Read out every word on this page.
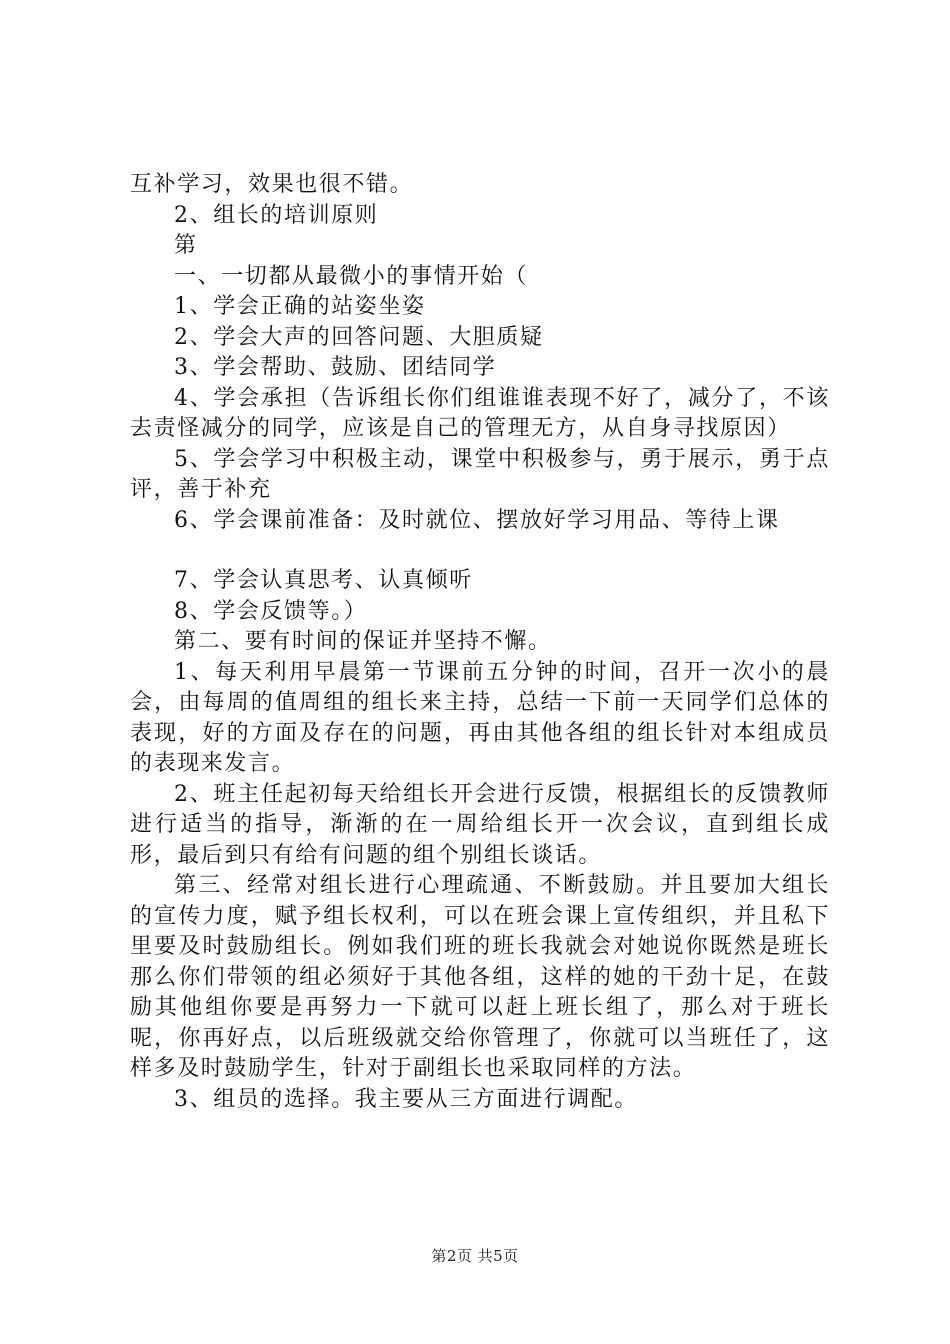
互补学习，效果也很不错。

2、组长的培训原则

第

一、一切都从最微小的事情开始（

1、学会正确的站姿坐姿

2、学会大声的回答问题、大胆质疑

3、学会帮助、鼓励、团结同学

4、学会承担（告诉组长你们组谁谁表现不好了，减分了，不该去责怪减分的同学，应该是自己的管理无方，从自身寻找原因）

5、学会学习中积极主动，课堂中积极参与，勇于展示，勇于点评，善于补充

6、学会课前准备：及时就位、摆放好学习用品、等待上课

7、学会认真思考、认真倾听

8、学会反馈等。）

第二、要有时间的保证并坚持不懈。

1、每天利用早晨第一节课前五分钟的时间，召开一次小的晨会，由每周的值周组的组长来主持，总结一下前一天同学们总体的表现，好的方面及存在的问题，再由其他各组的组长针对本组成员的表现来发言。

2、班主任起初每天给组长开会进行反馈，根据组长的反馈教师进行适当的指导，渐渐的在一周给组长开一次会议，直到组长成形，最后到只有给有问题的组个别组长谈话。

第三、经常对组长进行心理疏通、不断鼓励。并且要加大组长的宣传力度，赋予组长权利，可以在班会课上宣传组织，并且私下里要及时鼓励组长。例如我们班的班长我就会对她说你既然是班长那么你们带领的组必须好于其他各组，这样的她的干劲十足，在鼓励其他组你要是再努力一下就可以赶上班长组了，那么对于班长呢，你再好点，以后班级就交给你管理了，你就可以当班任了，这样多及时鼓励学生，针对于副组长也采取同样的方法。

3、组员的选择。我主要从三方面进行调配。

第2页 共5页
